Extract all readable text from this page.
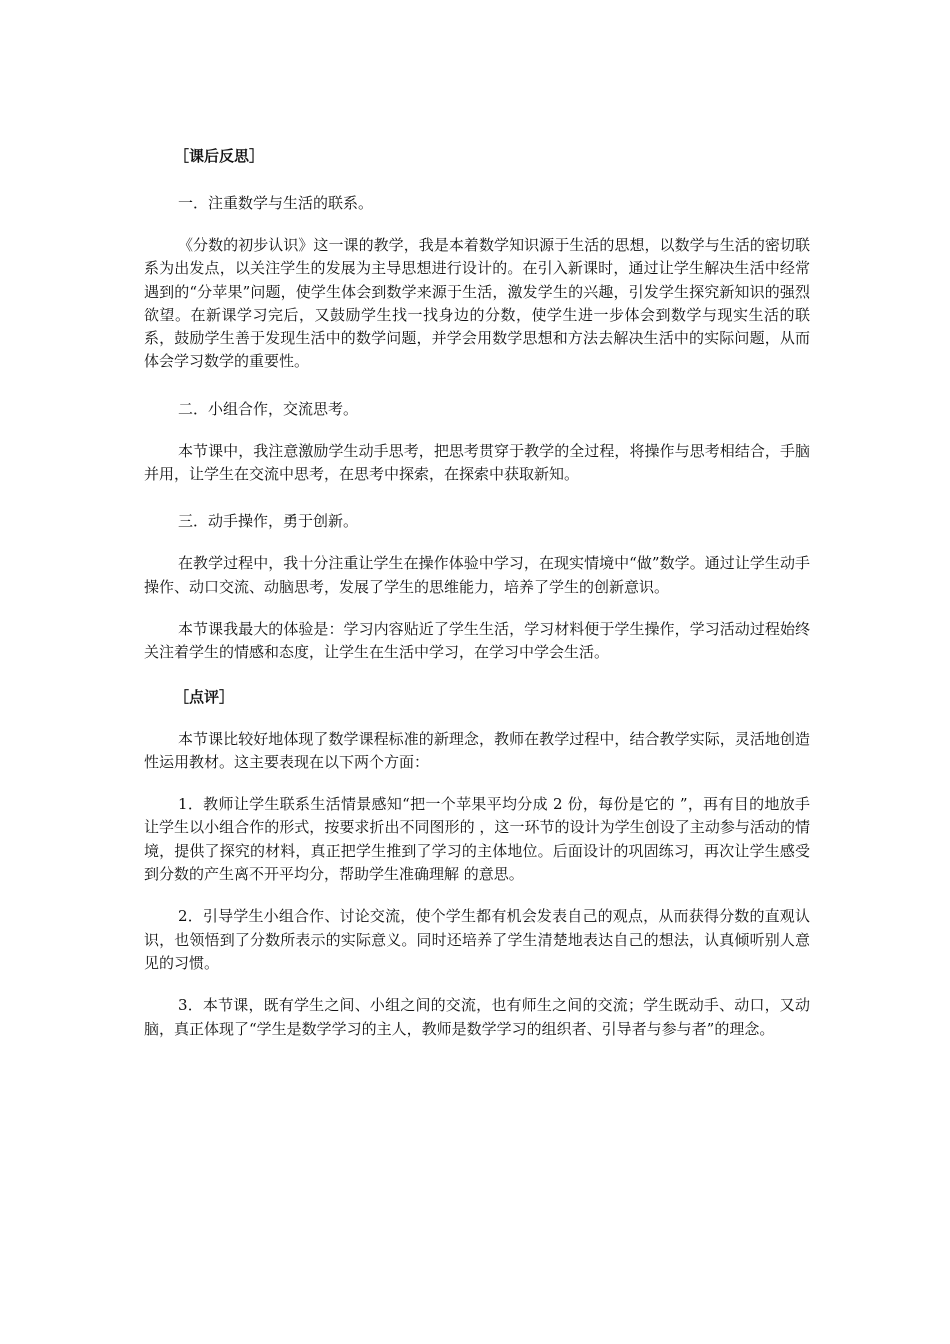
［课后反思］

一．注重数学与生活的联系。

《分数的初步认识》这一课的教学，我是本着数学知识源于生活的思想，以数学与生活的密切联系为出发点，以关注学生的发展为主导思想进行设计的。在引入新课时，通过让学生解决生活中经常遇到的“分苹果”问题，使学生体会到数学来源于生活，激发学生的兴趣，引发学生探究新知识的强烈欲望。在新课学习完后，又鼓励学生找一找身边的分数，使学生进一步体会到数学与现实生活的联系，鼓励学生善于发现生活中的数学问题，并学会用数学思想和方法去解决生活中的实际问题，从而体会学习数学的重要性。

二．小组合作，交流思考。

本节课中，我注意激励学生动手思考，把思考贯穿于教学的全过程，将操作与思考相结合，手脑并用，让学生在交流中思考，在思考中探索，在探索中获取新知。

三．动手操作，勇于创新。

在教学过程中，我十分注重让学生在操作体验中学习，在现实情境中“做”数学。通过让学生动手操作、动口交流、动脑思考，发展了学生的思维能力，培养了学生的创新意识。

本节课我最大的体验是：学习内容贴近了学生生活，学习材料便于学生操作，学习活动过程始终关注着学生的情感和态度，让学生在生活中学习，在学习中学会生活。

［点评］

本节课比较好地体现了数学课程标准的新理念，教师在教学过程中，结合教学实际，灵活地创造性运用教材。这主要表现在以下两个方面：

1．教师让学生联系生活情景感知“把一个苹果平均分成 2 份，每份是它的 ”，再有目的地放手让学生以小组合作的形式，按要求折出不同图形的 ，这一环节的设计为学生创设了主动参与活动的情境，提供了探究的材料，真正把学生推到了学习的主体地位。后面设计的巩固练习，再次让学生感受到分数的产生离不开平均分，帮助学生准确理解 的意思。

2．引导学生小组合作、讨论交流，使个学生都有机会发表自己的观点，从而获得分数的直观认识，也领悟到了分数所表示的实际意义。同时还培养了学生清楚地表达自己的想法，认真倾听别人意见的习惯。

3．本节课，既有学生之间、小组之间的交流，也有师生之间的交流；学生既动手、动口，又动脑，真正体现了“学生是数学学习的主人，教师是数学学习的组织者、引导者与参与者”的理念。
